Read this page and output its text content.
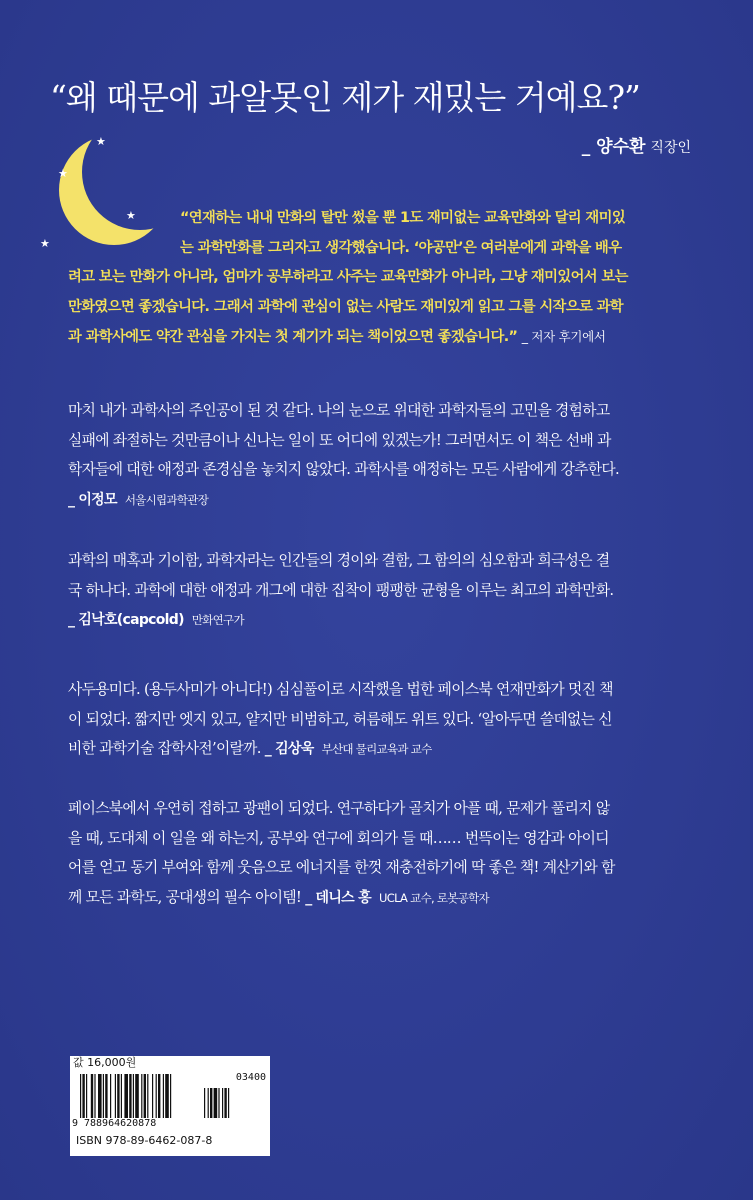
“왜 때문에 과알못인 제가 재밌는 거예요?”
_ 양수환 직장인
★
★
★
★
“연재하는 내내 만화의 탈만 썼을 뿐 1도 재미없는 교육만화와 달리 재미있
는 과학만화를 그리자고 생각했습니다. ‘야공만’은 여러분에게 과학을 배우
려고 보는 만화가 아니라, 엄마가 공부하라고 사주는 교육만화가 아니라, 그냥 재미있어서 보는
만화였으면 좋겠습니다. 그래서 과학에 관심이 없는 사람도 재미있게 읽고 그를 시작으로 과학
과 과학사에도 약간 관심을 가지는 첫 계기가 되는 책이었으면 좋겠습니다.” _ 저자 후기에서
마치 내가 과학사의 주인공이 된 것 같다. 나의 눈으로 위대한 과학자들의 고민을 경험하고
실패에 좌절하는 것만큼이나 신나는 일이 또 어디에 있겠는가! 그러면서도 이 책은 선배 과
학자들에 대한 애정과 존경심을 놓치지 않았다. 과학사를 애정하는 모든 사람에게 강추한다.
_ 이정모 서울시립과학관장
과학의 매혹과 기이함, 과학자라는 인간들의 경이와 결함, 그 함의의 심오함과 희극성은 결
국 하나다. 과학에 대한 애정과 개그에 대한 집착이 팽팽한 균형을 이루는 최고의 과학만화.
_ 김낙호(capcold) 만화연구가
사두용미다. (용두사미가 아니다!) 심심풀이로 시작했을 법한 페이스북 연재만화가 멋진 책
이 되었다. 짧지만 엣지 있고, 얕지만 비범하고, 허름해도 위트 있다. ‘알아두면 쓸데없는 신
비한 과학기술 잡학사전’이랄까. _ 김상욱 부산대 물리교육과 교수
페이스북에서 우연히 접하고 광팬이 되었다. 연구하다가 골치가 아플 때, 문제가 풀리지 않
을 때, 도대체 이 일을 왜 하는지, 공부와 연구에 회의가 들 때…… 번뜩이는 영감과 아이디
어를 얻고 동기 부여와 함께 웃음으로 에너지를 한껏 재충전하기에 딱 좋은 책! 계산기와 함
께 모든 과학도, 공대생의 필수 아이템! _ 데니스 홍 UCLA 교수, 로봇공학자
값 16,000원
03400
9 788964620878
ISBN 978-89-6462-087-8
